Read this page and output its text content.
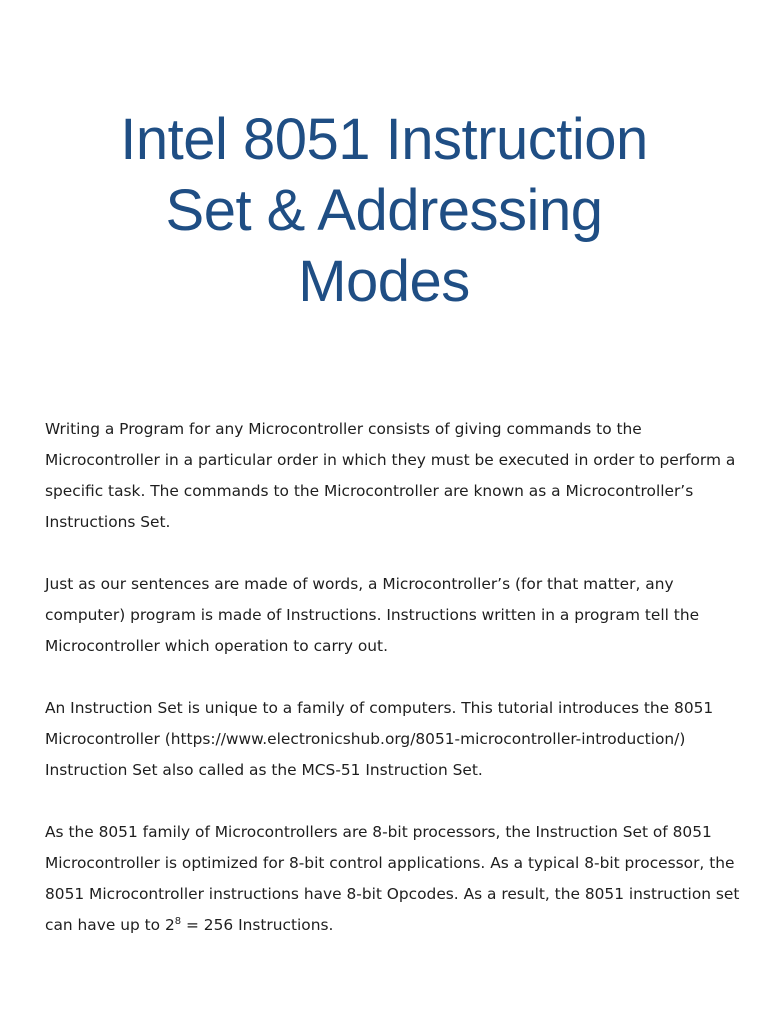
Intel 8051 Instruction
Set & Addressing
Modes

Writing a Program for any Microcontroller consists of giving commands to the
Microcontroller in a particular order in which they must be executed in order to perform a
specific task. The commands to the Microcontroller are known as a Microcontroller’s
Instructions Set.

Just as our sentences are made of words, a Microcontroller’s (for that matter, any
computer) program is made of Instructions. Instructions written in a program tell the
Microcontroller which operation to carry out.

An Instruction Set is unique to a family of computers. This tutorial introduces the 8051
Microcontroller (https://www.electronicshub.org/8051-microcontroller-introduction/)
Instruction Set also called as the MCS-51 Instruction Set.

As the 8051 family of Microcontrollers are 8-bit processors, the Instruction Set of 8051
Microcontroller is optimized for 8-bit control applications. As a typical 8-bit processor, the
8051 Microcontroller instructions have 8-bit Opcodes. As a result, the 8051 instruction set
can have up to $2^8 = 256$ Instructions.
